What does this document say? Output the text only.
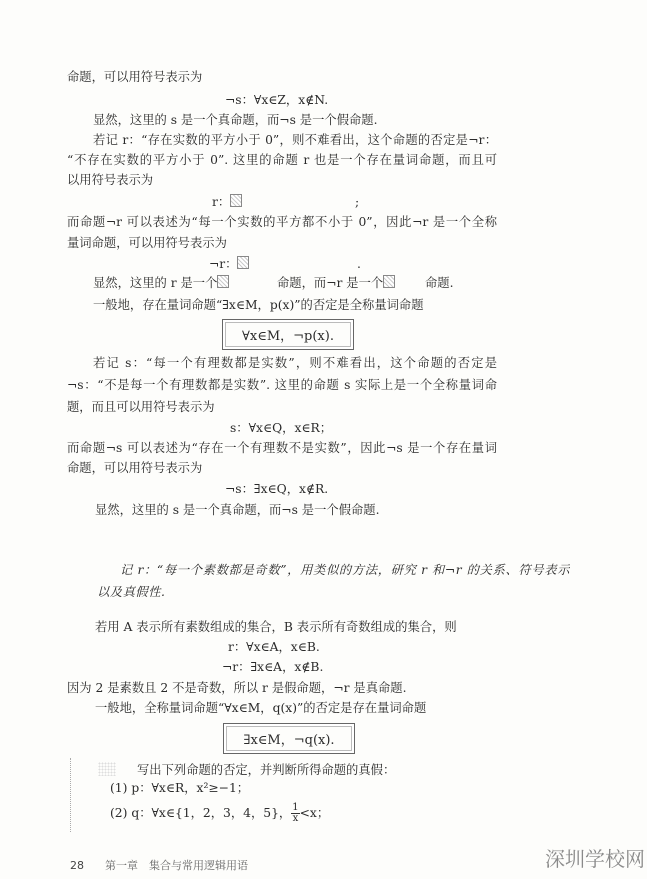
命题，可以用符号表示为
¬s：∀x∈Z，x∉N.
显然，这里的 s 是一个真命题，而¬s 是一个假命题.
若记 r：“存在实数的平方小于 0”，则不难看出，这个命题的否定是¬r：
“不存在实数的平方小于 0”. 这里的命题 r 也是一个存在量词命题，而且可
以用符号表示为
r：	;
而命题¬r 可以表述为“每一个实数的平方都不小于 0”，因此¬r 是一个全称
量词命题，可以用符号表示为
¬r：	.
显然，这里的 r 是一个	命题，而¬r 是一个	命题.
一般地，存在量词命题“∃x∈M，p(x)”的否定是全称量词命题
∀x∈M，¬p(x).
若记 s：“每一个有理数都是实数”，则不难看出，这个命题的否定是
¬s：“不是每一个有理数都是实数”. 这里的命题 s 实际上是一个全称量词命
题，而且可以用符号表示为
s：∀x∈Q，x∈R；
而命题¬s 可以表述为“存在一个有理数不是实数”，因此¬s 是一个存在量词
命题，可以用符号表示为
¬s：∃x∈Q，x∉R.
显然，这里的 s 是一个真命题，而¬s 是一个假命题.
记 r：“每一个素数都是奇数”，用类似的方法，研究 r 和¬r 的关系、符号表示
以及真假性.
若用 A 表示所有素数组成的集合，B 表示所有奇数组成的集合，则
r：∀x∈A，x∈B.
¬r：∃x∈A，x∉B.
因为 2 是素数且 2 不是奇数，所以 r 是假命题，¬r 是真命题.
一般地，全称量词命题“∀x∈M，q(x)”的否定是存在量词命题
∃x∈M，¬q(x).
写出下列命题的否定，并判断所得命题的真假：
(1) p：∀x∈R，x²≥−1；
(2) q：∀x∈{1，2，3，4，5}， $\frac{1}{x} <x$；
28 第一章　集合与常用逻辑用语	深圳学校网
